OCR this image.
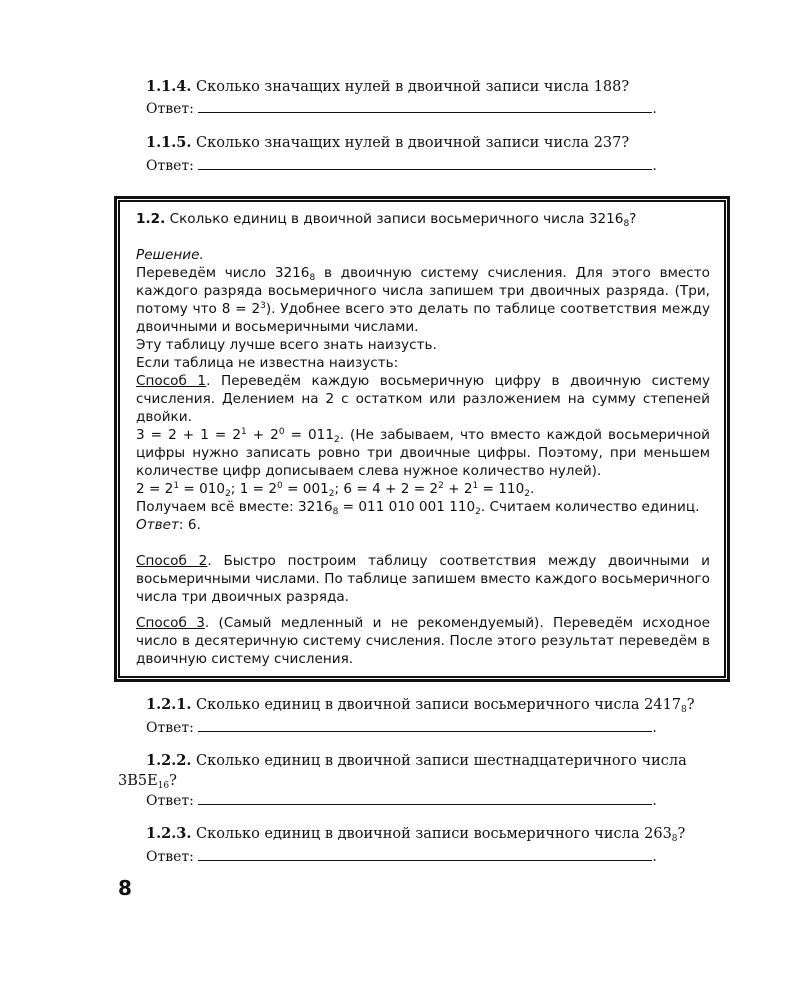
1.1.4. Сколько значащих нулей в двоичной записи числа 188?
Ответ:	.
1.1.5. Сколько значащих нулей в двоичной записи числа 237?
Ответ:	.

1.2. Сколько единиц в двоичной записи восьмеричного числа $3216_8$?

Решение.

Переведём число $3216_8$ в двоичную систему счисления. Для этого вместо каждого разряда восьмеричного числа запишем три двоичных разряда. (Три, потому что $8 = 2^3$). Удобнее всего это делать по таблице соответствия между двоичными и восьмеричными числами.

Эту таблицу лучше всего знать наизусть.

Если таблица не известна наизусть:

Способ 1. Переведём каждую восьмеричную цифру в двоичную систему счисления. Делением на 2 с остатком или разложением на сумму степеней двойки.

$3 = 2 + 1 = 2^1 + 2^0 = 011_2$. (Не забываем, что вместо каждой восьмеричной цифры нужно записать ровно три двоичные цифры. Поэтому, при меньшем количестве цифр дописываем слева нужное количество нулей).

$2 = 2^1 = 010_2$; $1 = 2^0 = 001_2$; $6 = 4 + 2 = 2^2 + 2^1 = 110_2$.

Получаем всё вместе: $3216_8 = 011$ 010 001 $110_2$. Считаем количество единиц.

Ответ: 6.

Способ 2. Быстро построим таблицу соответствия между двоичными и восьмеричными числами. По таблице запишем вместо каждого восьмеричного числа три двоичных разряда.

Способ 3. (Самый медленный и не рекомендуемый). Переведём исходное число в десятеричную систему счисления. После этого результат переведём в двоичную систему счисления.

1.2.1. Сколько единиц в двоичной записи восьмеричного числа $2417_8$?
Ответ:	.
1.2.2. Сколько единиц в двоичной записи шестнадцатеричного числа
$3B5E_{16}$?
Ответ:	.
1.2.3. Сколько единиц в двоичной записи восьмеричного числа $263_8$?
Ответ:	.
8
